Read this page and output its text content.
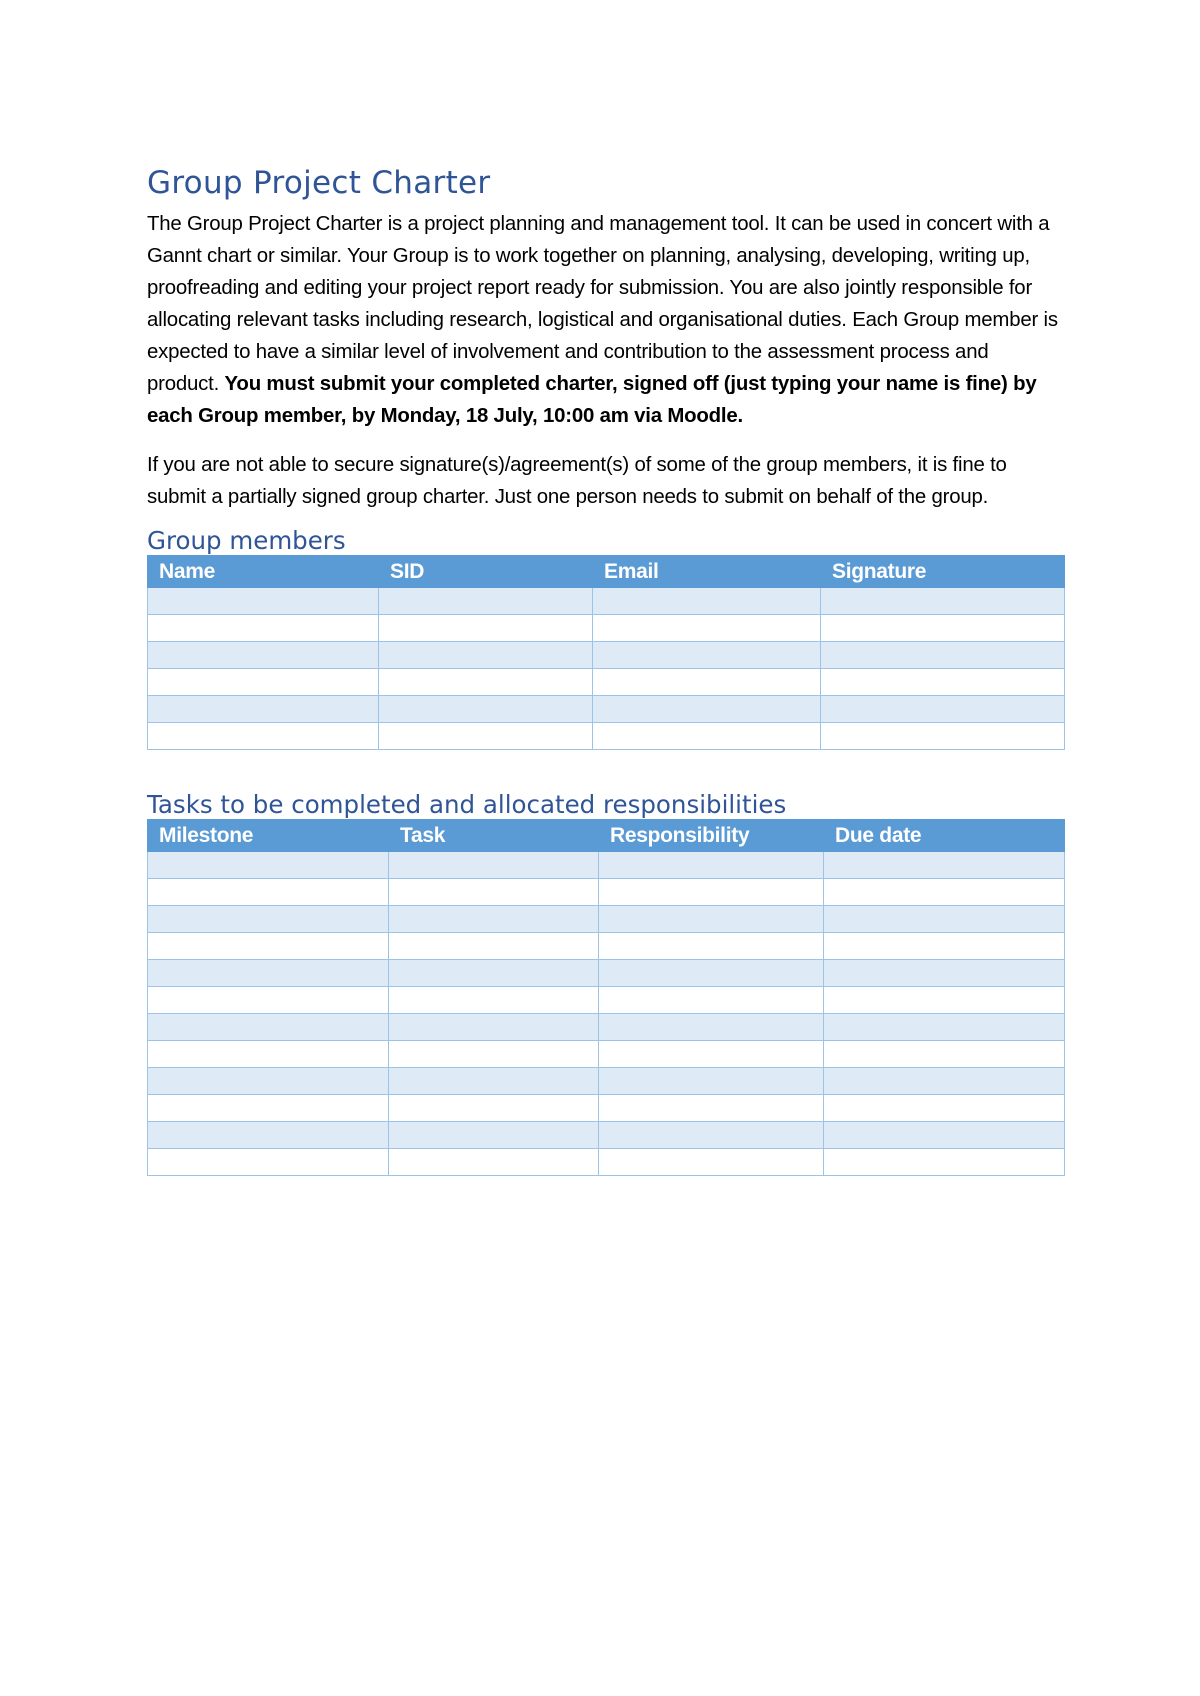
Group Project Charter

The Group Project Charter is a project planning and management tool. It can be used in concert with a Gannt chart or similar. Your Group is to work together on planning, analysing, developing, writing up, proofreading and editing your project report ready for submission. You are also jointly responsible for allocating relevant tasks including research, logistical and organisational duties. Each Group member is expected to have a similar level of involvement and contribution to the assessment process and product. You must submit your completed charter, signed off (just typing your name is fine) by each Group member, by Monday, 18 July, 10:00 am via Moodle.

If you are not able to secure signature(s)/agreement(s) of some of the group members, it is fine to submit a partially signed group charter. Just one person needs to submit on behalf of the group.

Group members
Name	SID	Email	Signature

Tasks to be completed and allocated responsibilities
Milestone	Task	Responsibility	Due date
